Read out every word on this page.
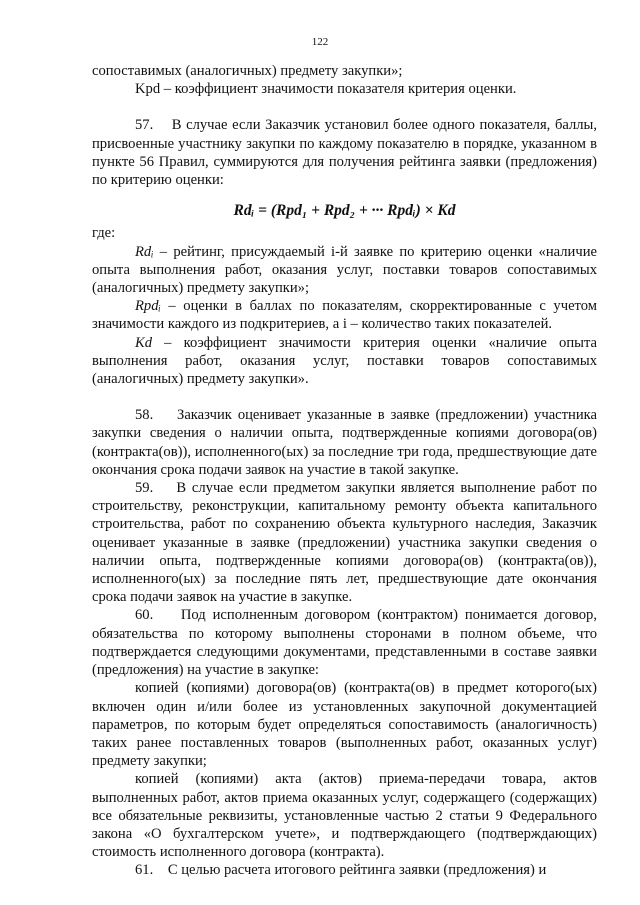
122

сопоставимых (аналогичных) предмету закупки»;

Kpd – коэффициент значимости показателя критерия оценки.

57.    В случае если Заказчик установил более одного показателя, баллы, присвоенные участнику закупки по каждому показателю в порядке, указанном в пункте 56 Правил, суммируются для получения рейтинга заявки (предложения) по критерию оценки:

Rdᵢ = (Rpd₁ + Rpd₂ + ··· Rpdᵢ) × Kd

где:

Rdᵢ – рейтинг, присуждаемый i-й заявке по критерию оценки «наличие опыта выполнения работ, оказания услуг, поставки товаров сопоставимых (аналогичных) предмету закупки»;

Rpdᵢ – оценки в баллах по показателям, скорректированные с учетом значимости каждого из подкритериев, а i – количество таких показателей.

Kd – коэффициент значимости критерия оценки «наличие опыта выполнения работ, оказания услуг, поставки товаров сопоставимых (аналогичных) предмету закупки».

58.    Заказчик оценивает указанные в заявке (предложении) участника закупки сведения о наличии опыта, подтвержденные копиями договора(ов) (контракта(ов)), исполненного(ых) за последние три года, предшествующие дате окончания срока подачи заявок на участие в такой закупке.

59.    В случае если предметом закупки является выполнение работ по строительству, реконструкции, капитальному ремонту объекта капитального строительства, работ по сохранению объекта культурного наследия, Заказчик оценивает указанные в заявке (предложении) участника закупки сведения о наличии опыта, подтвержденные копиями договора(ов) (контракта(ов)), исполненного(ых) за последние пять лет, предшествующие дате окончания срока подачи заявок на участие в закупке.

60.    Под исполненным договором (контрактом) понимается договор, обязательства по которому выполнены сторонами в полном объеме, что подтверждается следующими документами, представленными в составе заявки (предложения) на участие в закупке:

копией (копиями) договора(ов) (контракта(ов) в предмет которого(ых) включен один и/или более из установленных закупочной документацией параметров, по которым будет определяться сопоставимость (аналогичность) таких ранее поставленных товаров (выполненных работ, оказанных услуг) предмету закупки;

копией (копиями) акта (актов) приема-передачи товара, актов выполненных работ, актов приема оказанных услуг, содержащего (содержащих) все обязательные реквизиты, установленные частью 2 статьи 9 Федерального закона «О бухгалтерском учете», и подтверждающего (подтверждающих) стоимость исполненного договора (контракта).

61.    С целью расчета итогового рейтинга заявки (предложения) и
